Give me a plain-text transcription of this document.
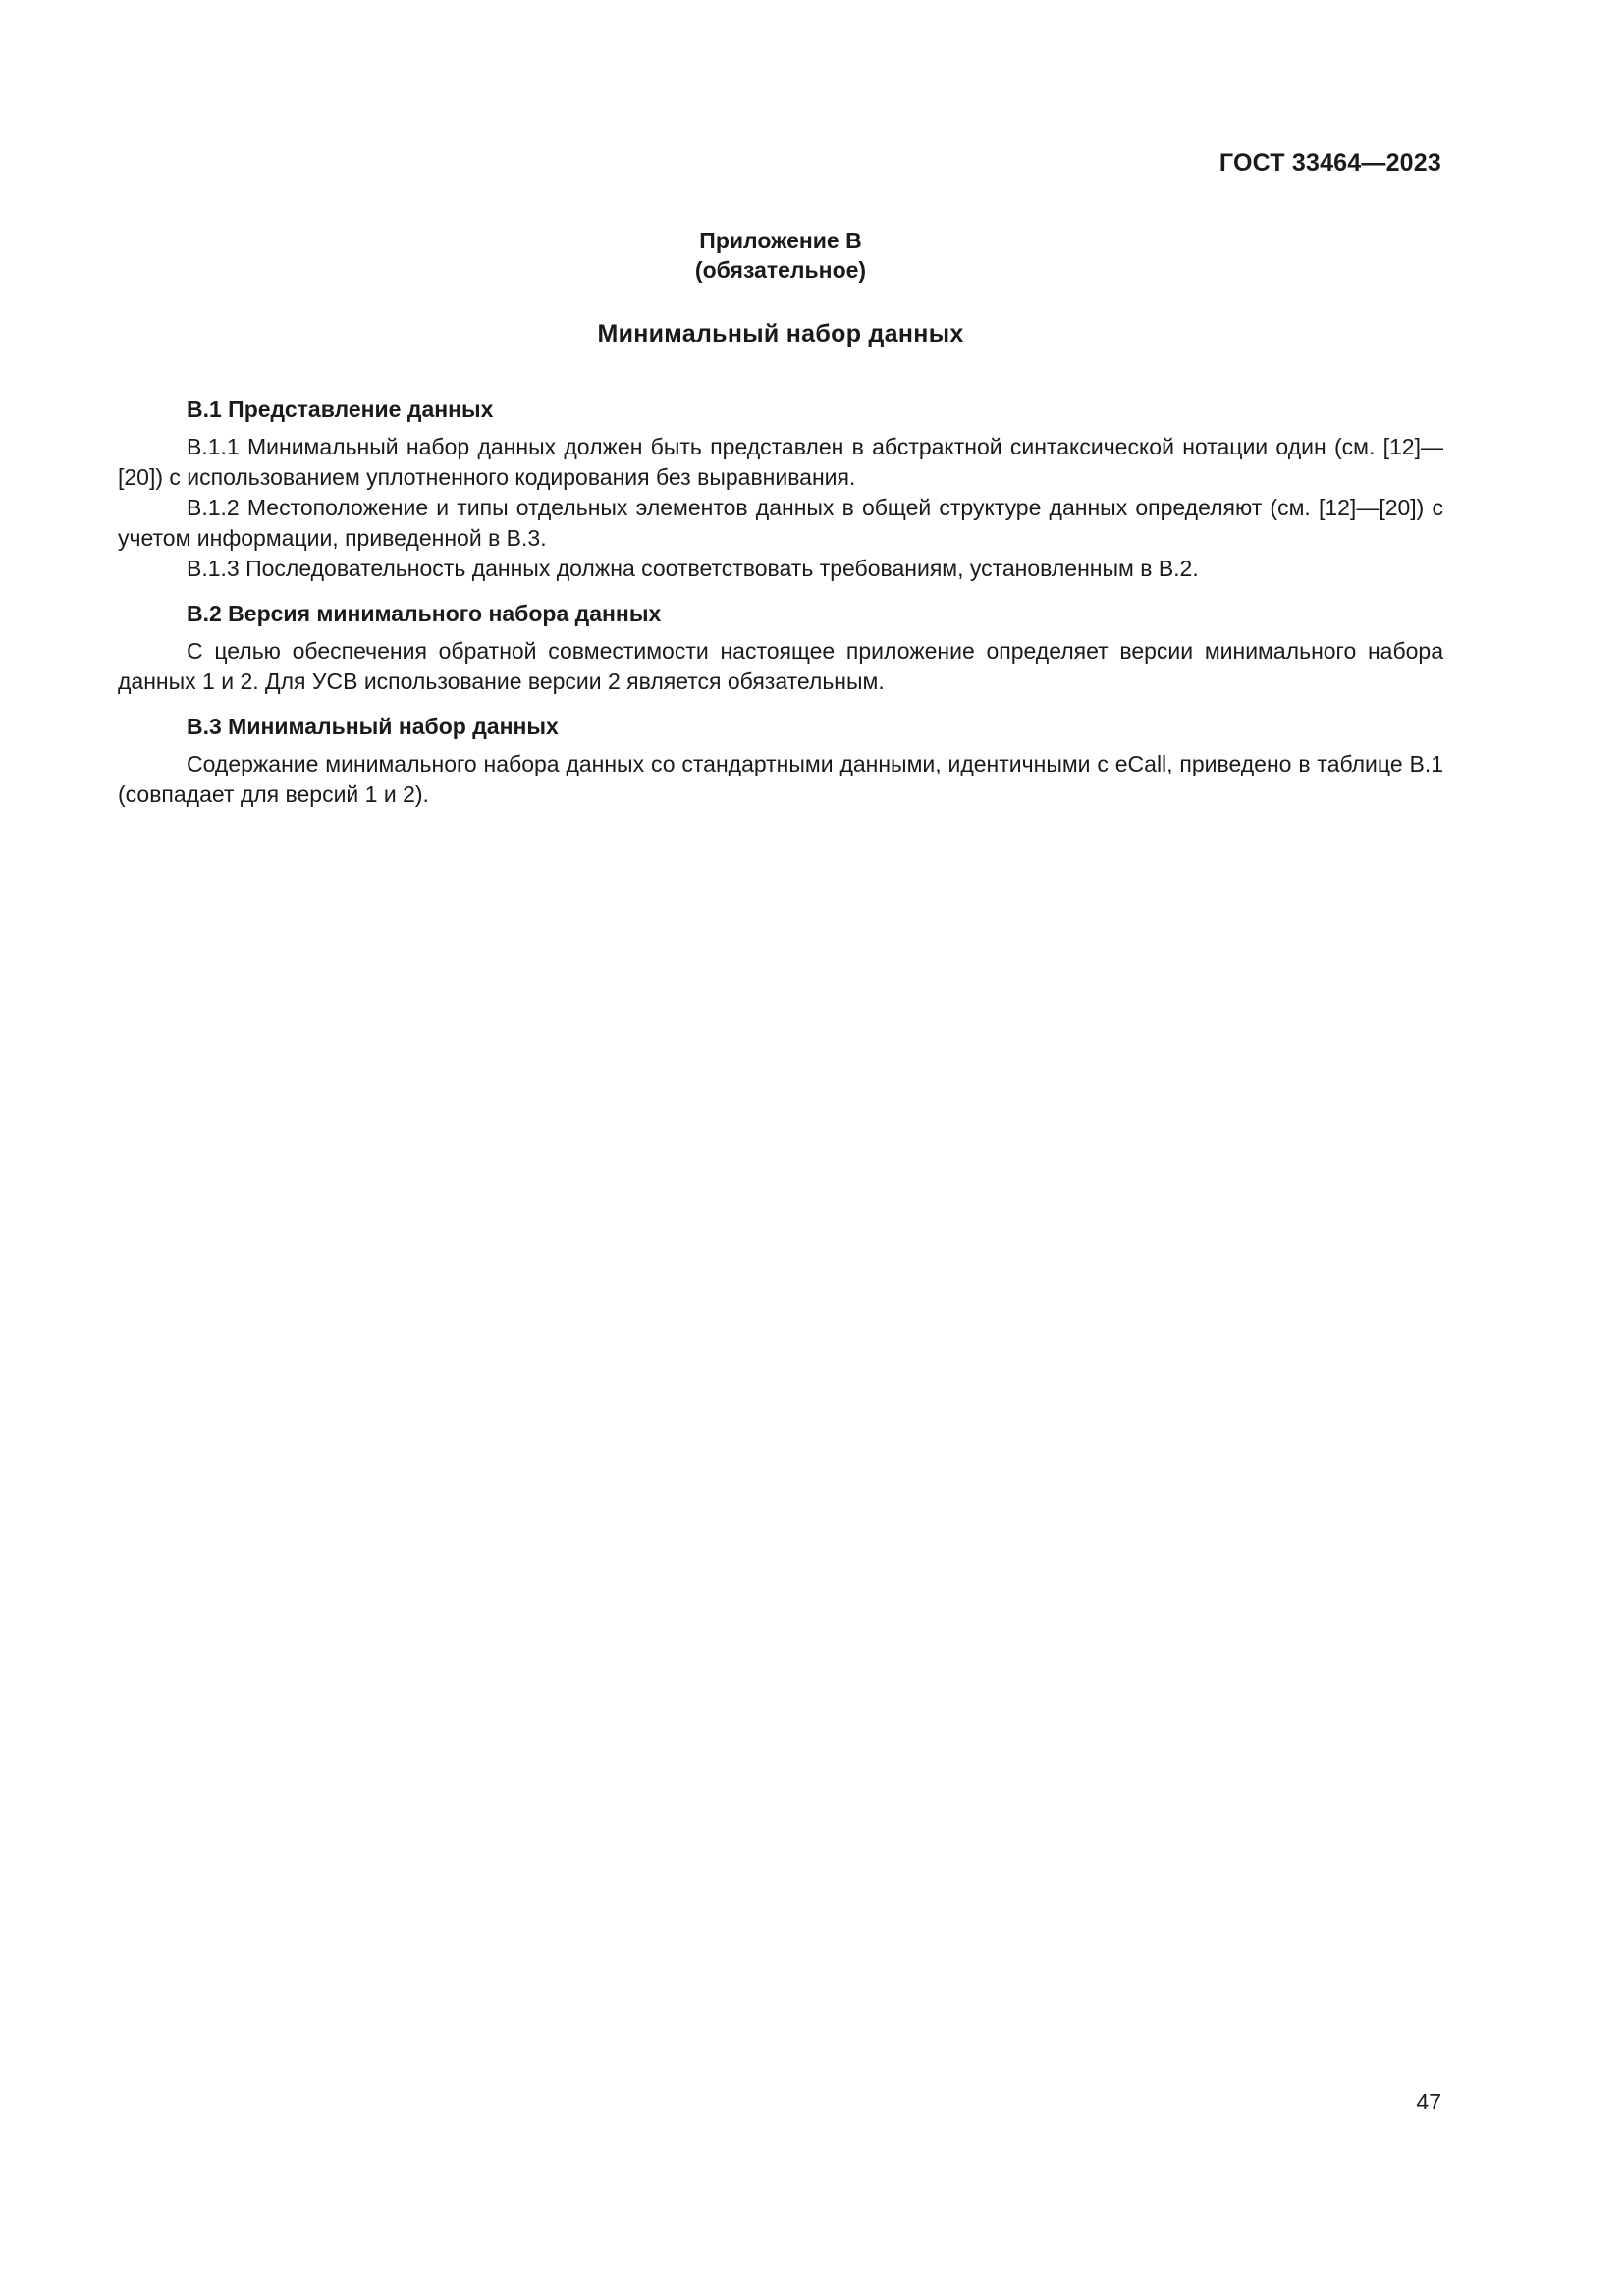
ГОСТ 33464—2023
Приложение В
(обязательное)
Минимальный набор данных

В.1 Представление данных

В.1.1 Минимальный набор данных должен быть представлен в абстрактной синтаксической нотации один (см. [12]—[20]) с использованием уплотненного кодирования без выравнивания.

В.1.2 Местоположение и типы отдельных элементов данных в общей структуре данных определяют (см. [12]—[20]) с учетом информации, приведенной в В.3.

В.1.3 Последовательность данных должна соответствовать требованиям, установленным в В.2.

В.2 Версия минимального набора данных

С целью обеспечения обратной совместимости настоящее приложение определяет версии минимального набора данных 1 и 2. Для УСВ использование версии 2 является обязательным.

В.3 Минимальный набор данных

Содержание минимального набора данных со стандартными данными, идентичными с eCall, приведено в таблице В.1 (совпадает для версий 1 и 2).

47
